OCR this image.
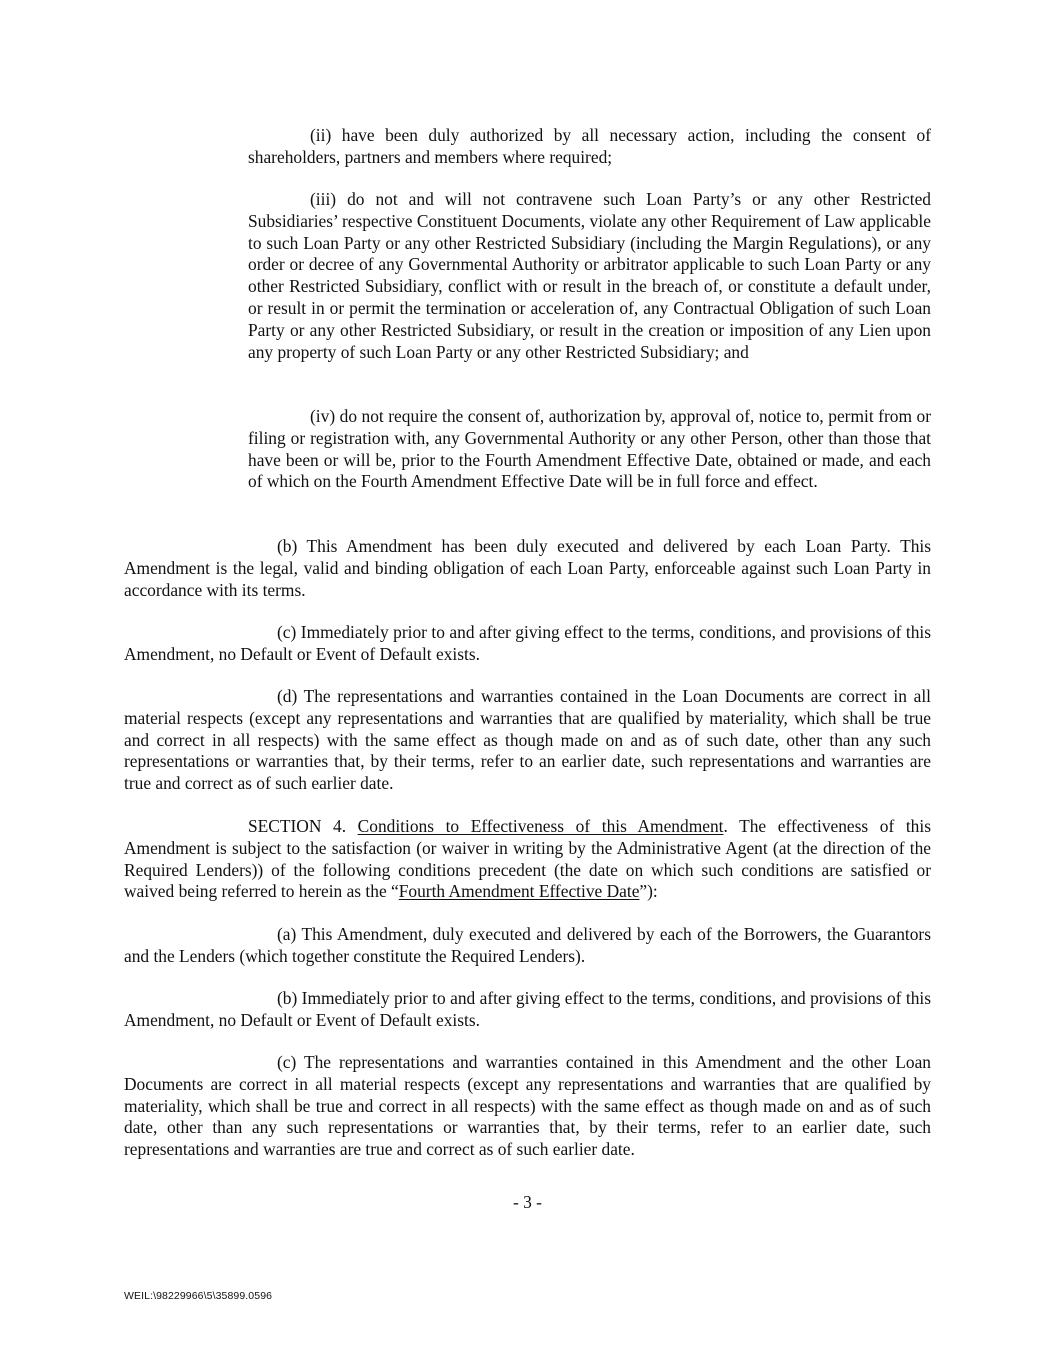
(ii) have been duly authorized by all necessary action, including the consent of shareholders, partners and members where required;

(iii) do not and will not contravene such Loan Party’s or any other Restricted Subsidiaries’ respective Constituent Documents, violate any other Requirement of Law applicable to such Loan Party or any other Restricted Subsidiary (including the Margin Regulations), or any order or decree of any Governmental Authority or arbitrator applicable to such Loan Party or any other Restricted Subsidiary, conflict with or result in the breach of, or constitute a default under, or result in or permit the termination or acceleration of, any Contractual Obligation of such Loan Party or any other Restricted Subsidiary, or result in the creation or imposition of any Lien upon any property of such Loan Party or any other Restricted Subsidiary; and

(iv) do not require the consent of, authorization by, approval of, notice to, permit from or filing or registration with, any Governmental Authority or any other Person, other than those that have been or will be, prior to the Fourth Amendment Effective Date, obtained or made, and each of which on the Fourth Amendment Effective Date will be in full force and effect.

(b) This Amendment has been duly executed and delivered by each Loan Party. This Amendment is the legal, valid and binding obligation of each Loan Party, enforceable against such Loan Party in accordance with its terms.

(c) Immediately prior to and after giving effect to the terms, conditions, and provisions of this Amendment, no Default or Event of Default exists.

(d) The representations and warranties contained in the Loan Documents are correct in all material respects (except any representations and warranties that are qualified by materiality, which shall be true and correct in all respects) with the same effect as though made on and as of such date, other than any such representations or warranties that, by their terms, refer to an earlier date, such representations and warranties are true and correct as of such earlier date.

SECTION 4. Conditions to Effectiveness of this Amendment. The effectiveness of this Amendment is subject to the satisfaction (or waiver in writing by the Administrative Agent (at the direction of the Required Lenders)) of the following conditions precedent (the date on which such conditions are satisfied or waived being referred to herein as the “Fourth Amendment Effective Date”):

(a) This Amendment, duly executed and delivered by each of the Borrowers, the Guarantors and the Lenders (which together constitute the Required Lenders).

(b) Immediately prior to and after giving effect to the terms, conditions, and provisions of this Amendment, no Default or Event of Default exists.

(c) The representations and warranties contained in this Amendment and the other Loan Documents are correct in all material respects (except any representations and warranties that are qualified by materiality, which shall be true and correct in all respects) with the same effect as though made on and as of such date, other than any such representations or warranties that, by their terms, refer to an earlier date, such representations and warranties are true and correct as of such earlier date.

- 3 -

WEIL:\98229966\5\35899.0596
